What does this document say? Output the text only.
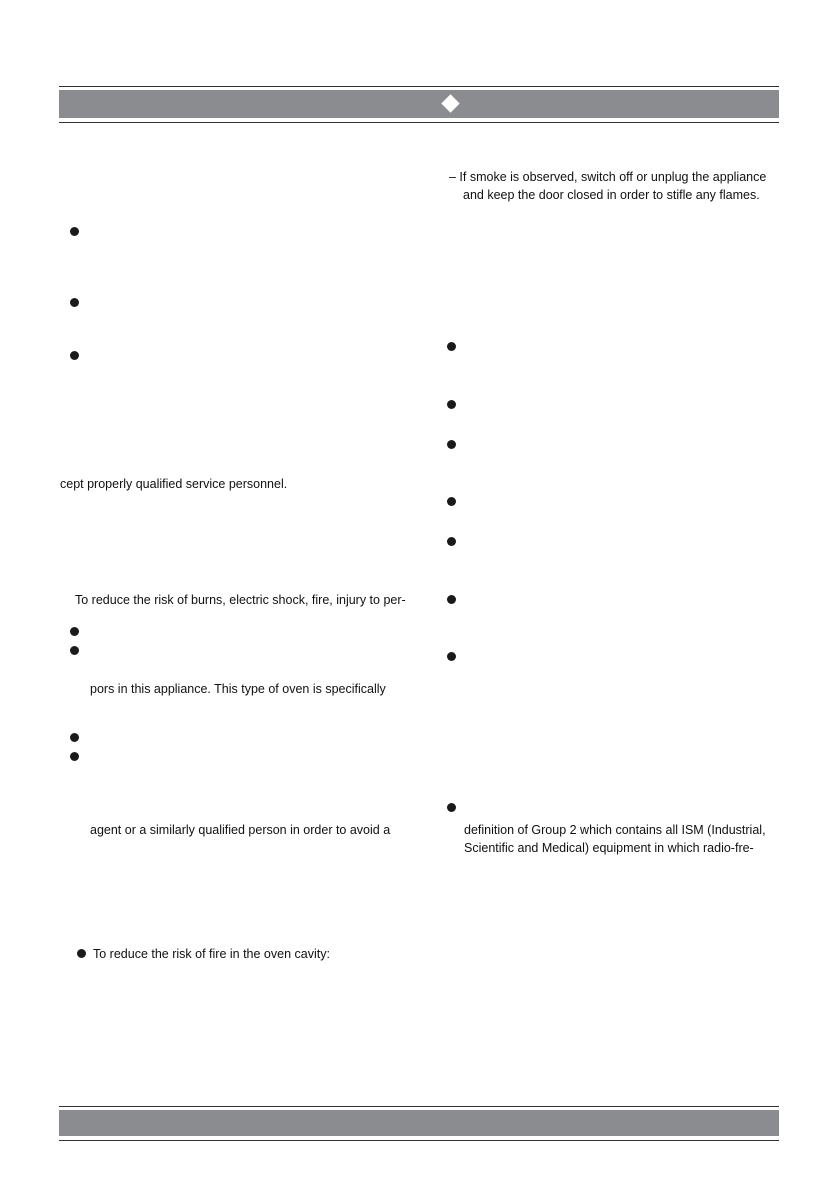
cept properly qualified service personnel.
To reduce the risk of burns, electric shock, fire, injury to per-
pors in this appliance. This type of oven is specifically
agent or a similarly qualified person in order to avoid a
To reduce the risk of fire in the oven cavity:
– If smoke is observed, switch off or unplug the appliance
and keep the door closed in order to stifle any flames.
definition of Group 2 which contains all ISM (Industrial,
Scientific and Medical) equipment in which radio-fre-
